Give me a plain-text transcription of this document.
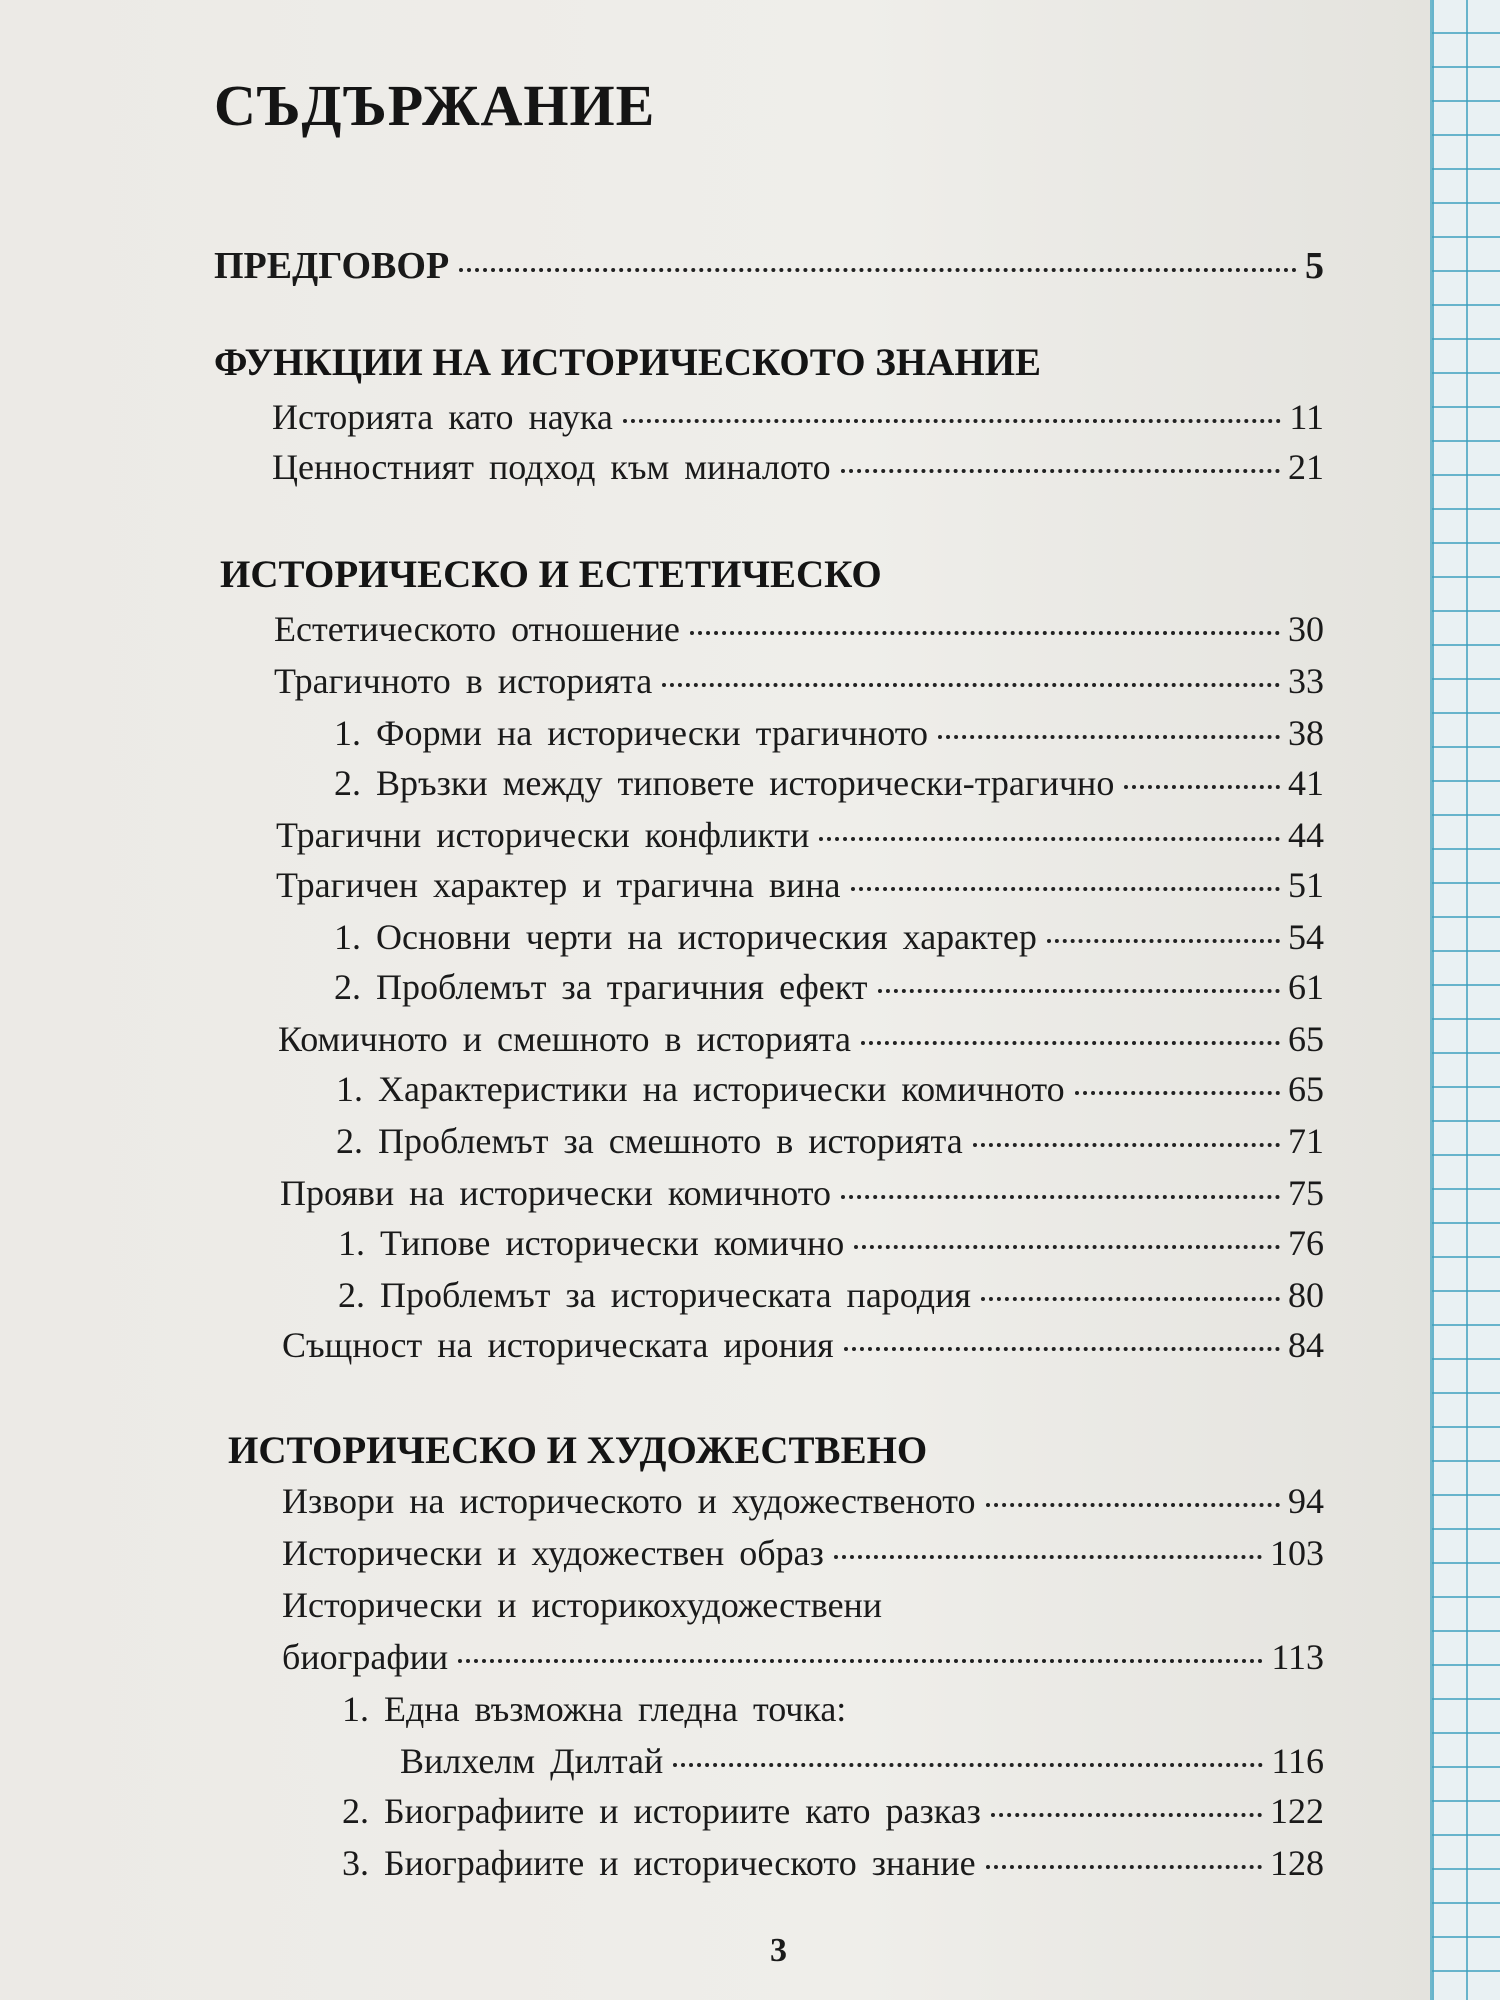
СЪДЪРЖАНИЕ
ПРЕДГОВОР	5
ФУНКЦИИ НА ИСТОРИЧЕСКОТО ЗНАНИЕ
Историята като наука	11
Ценностният подход към миналото	21
ИСТОРИЧЕСКО И ЕСТЕТИЧЕСКО
Естетическото отношение	30
Трагичното в историята	33
1. Форми на исторически трагичното	38
2. Връзки между типовете исторически-трагично	41
Трагични исторически конфликти	44
Трагичен характер и трагична вина	51
1. Основни черти на историческия характер	54
2. Проблемът за трагичния ефект	61
Комичното и смешното в историята	65
1. Характеристики на исторически комичното	65
2. Проблемът за смешното в историята	71
Прояви на исторически комичното	75
1. Типове исторически комично	76
2. Проблемът за историческата пародия	80
Същност на историческата ирония	84
ИСТОРИЧЕСКО И ХУДОЖЕСТВЕНО
Извори на историческото и художественото	94
Исторически и художествен образ	103
Исторически и историкохудожествени
биографии	113
1. Една възможна гледна точка:
Вилхелм Дилтай	116
2. Биографиите и историите като разказ	122
3. Биографиите и историческото знание	128
3
